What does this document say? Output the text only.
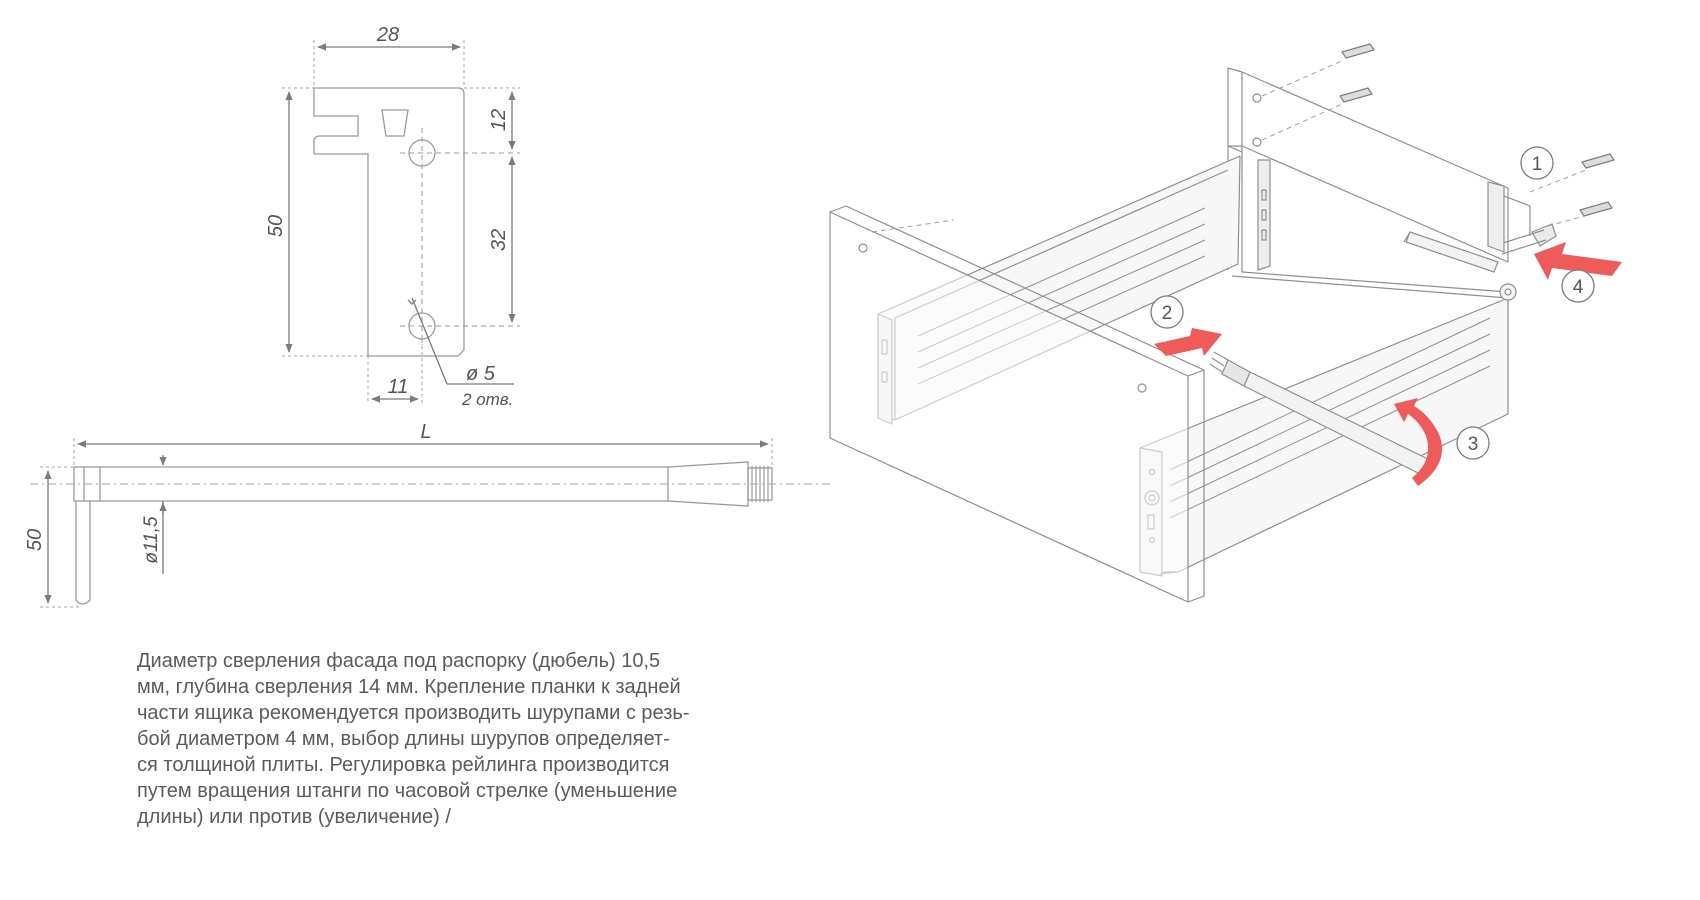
28
50
12
32
11
ø 5
2 отв.
L
50	ø11,5
1
2
3
4

Диаметр сверления фасада под распорку (дюбель) 10,5
мм, глубина сверления 14 мм. Крепление планки к задней
части ящика рекомендуется производить шурупами с резь-
бой диаметром 4 мм, выбор длины шурупов определяет-
ся толщиной плиты. Регулировка рейлинга производится
путем вращения штанги по часовой стрелке (уменьшение
длины) или против (увеличение) /
